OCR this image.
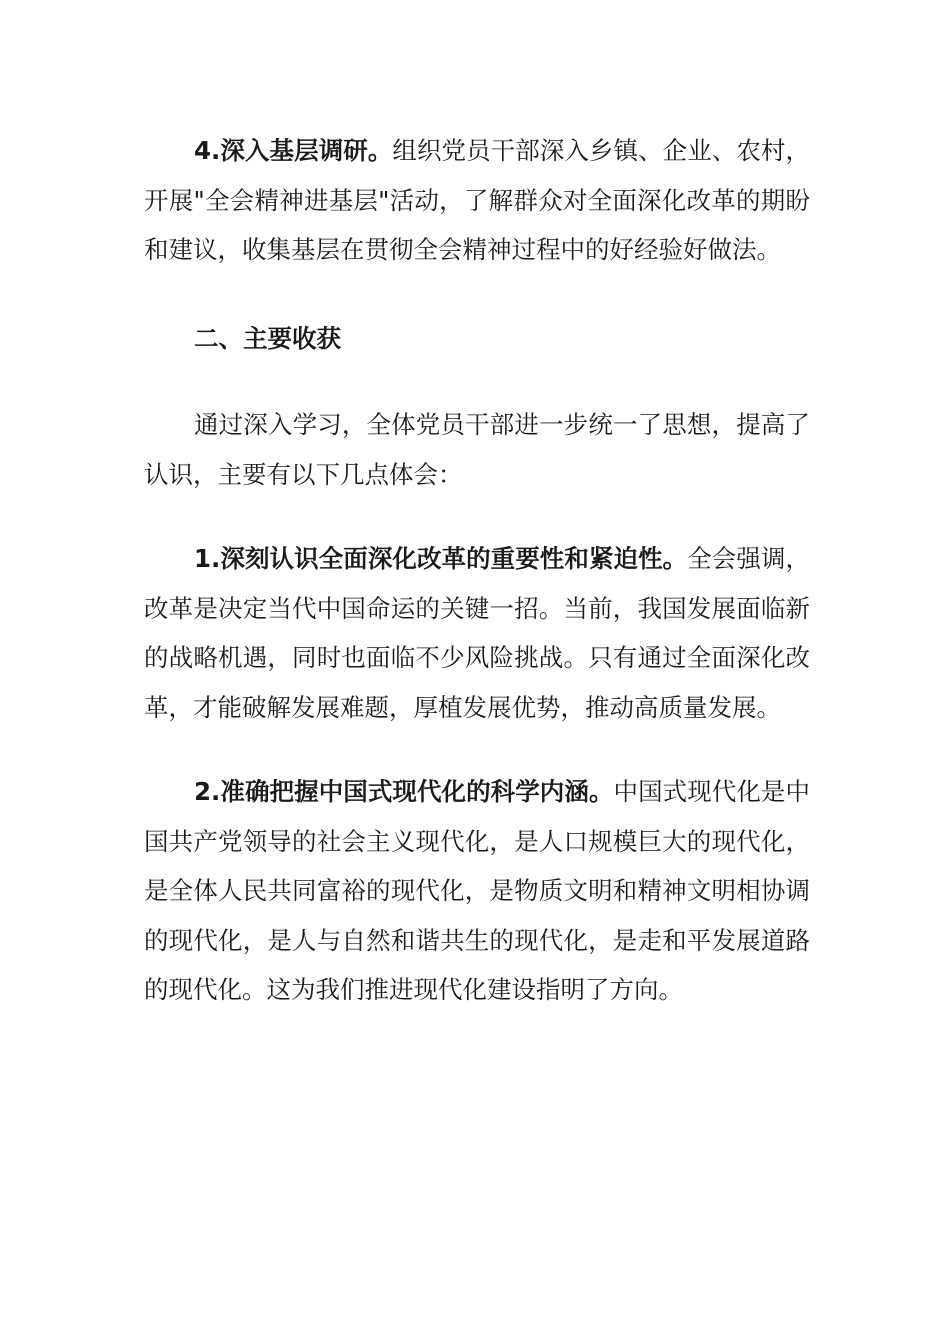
4.深入基层调研。组织党员干部深入乡镇、企业、农村，开展"全会精神进基层"活动，了解群众对全面深化改革的期盼和建议，收集基层在贯彻全会精神过程中的好经验好做法。

二、主要收获

通过深入学习，全体党员干部进一步统一了思想，提高了认识，主要有以下几点体会：

1.深刻认识全面深化改革的重要性和紧迫性。全会强调，改革是决定当代中国命运的关键一招。当前，我国发展面临新的战略机遇，同时也面临不少风险挑战。只有通过全面深化改革，才能破解发展难题，厚植发展优势，推动高质量发展。

2.准确把握中国式现代化的科学内涵。中国式现代化是中国共产党领导的社会主义现代化，是人口规模巨大的现代化，是全体人民共同富裕的现代化，是物质文明和精神文明相协调的现代化，是人与自然和谐共生的现代化，是走和平发展道路的现代化。这为我们推进现代化建设指明了方向。
